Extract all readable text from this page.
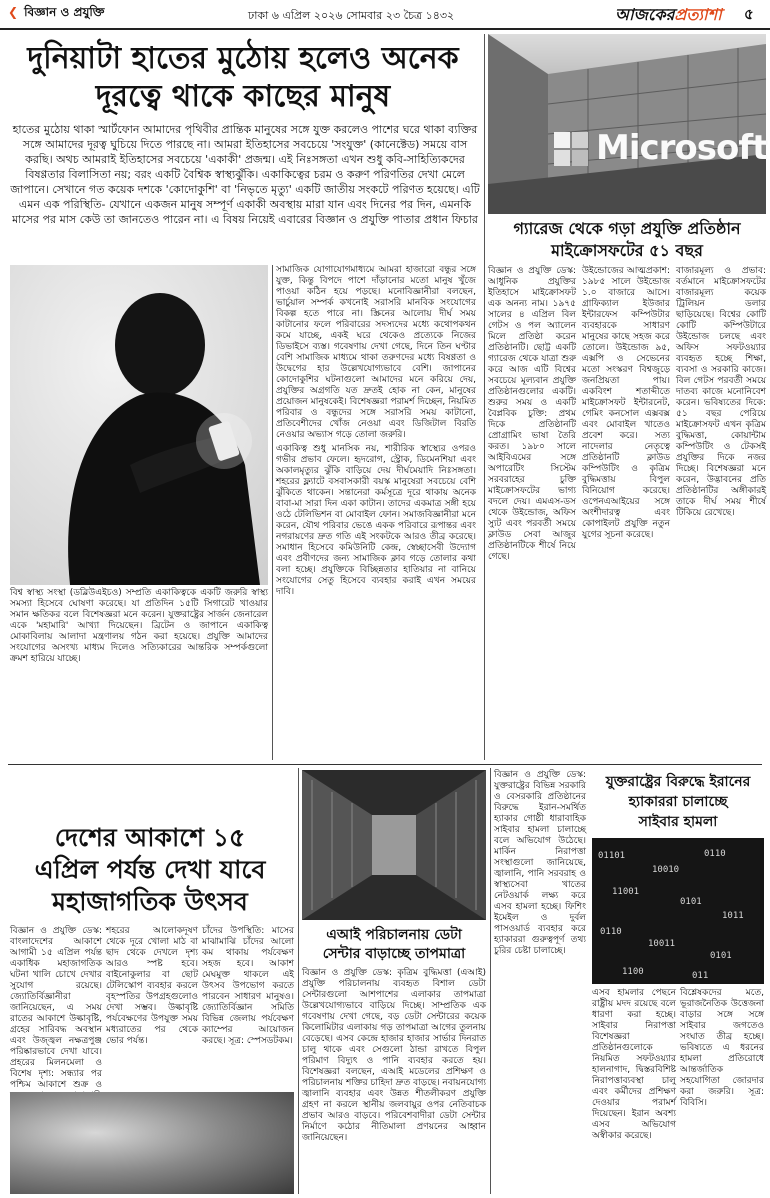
❮ বিজ্ঞান ও প্রযুক্তি	ঢাকা ৬ এপ্রিল ২০২৬ সোমবার ২৩ চৈত্র ১৪৩২	আজকেরপ্রত্যাশা ৫
দুনিয়াটা হাতের মুঠোয় হলেও অনেক
দূরত্বে থাকে কাছের মানুষ
হাতের মুঠোয় থাকা স্মার্টফোন আমাদের পৃথিবীর প্রান্তিক মানুষের সঙ্গে যুক্ত করলেও পাশের ঘরে থাকা ব্যক্তির সঙ্গে আমাদের দূরত্ব ঘুচিয়ে দিতে পারছে না। আমরা ইতিহাসের সবচেয়ে 'সংযুক্ত' (কানেক্টেড) সময়ে বাস করছি। অথচ আমরাই ইতিহাসের সবচেয়ে 'একাকী' প্রজন্ম। এই নিঃসঙ্গতা এখন শুধু কবি-সাহিত্যিকদের বিষণ্ণতার বিলাসিতা নয়; বরং একটি বৈশ্বিক স্বাস্থ্যঝুঁকি। একাকিত্বের চরম ও করুণ পরিণতির দেখা মেলে জাপানে। সেখানে গত কয়েক দশকে 'কোদোকুশি' বা 'নিভৃতে মৃত্যু' একটি জাতীয় সংকটে পরিণত হয়েছে। এটি এমন এক পরিস্থিতি- যেখানে একজন মানুষ সম্পূর্ণ একাকী অবস্থায় মারা যান এবং দিনের পর দিন, এমনকি মাসের পর মাস কেউ তা জানতেও পারেন না। এ বিষয় নিয়েই এবারের বিজ্ঞান ও প্রযুক্তি পাতার প্রধান ফিচার
Microsoft
গ্যারেজ থেকে গড়া প্রযুক্তি প্রতিষ্ঠান
মাইক্রোসফটের ৫১ বছর
বিশ্ব স্বাস্থ্য সংস্থা (ডব্লিউএইচও) সম্প্রতি একাকিত্বকে একটি জরুরি স্বাস্থ্য সমস্যা হিসেবে ঘোষণা করেছে। যা প্রতিদিন ১৫টি সিগারেট খাওয়ার সমান ক্ষতিকর বলে বিশেষজ্ঞরা মনে করেন। যুক্তরাষ্ট্রের সার্জন জেনারেল একে 'মহামারি' আখ্যা দিয়েছেন। ব্রিটেন ও জাপানে একাকিত্ব মোকাবিলায় আলাদা মন্ত্রণালয় গঠন করা হয়েছে। প্রযুক্তি আমাদের সংযোগের অসংখ্য মাধ্যম দিলেও সত্যিকারের আন্তরিক সম্পর্কগুলো ক্রমশ হারিয়ে যাচ্ছে।

সামাজিক যোগাযোগমাধ্যমে আমরা হাজারো বন্ধুর সঙ্গে যুক্ত, কিন্তু বিপদে পাশে দাঁড়ানোর মতো মানুষ খুঁজে পাওয়া কঠিন হয়ে পড়ছে। মনোবিজ্ঞানীরা বলছেন, ভার্চুয়াল সম্পর্ক কখনোই সরাসরি মানবিক সংযোগের বিকল্প হতে পারে না। স্ক্রিনের আলোয় দীর্ঘ সময় কাটানোর ফলে পরিবারের সদস্যদের মধ্যে কথোপকথন কমে যাচ্ছে, একই ঘরে থেকেও প্রত্যেকে নিজের ডিভাইসে ব্যস্ত। গবেষণায় দেখা গেছে, দিনে তিন ঘণ্টার বেশি সামাজিক মাধ্যমে থাকা তরুণদের মধ্যে বিষণ্ণতা ও উদ্বেগের হার উল্লেখযোগ্যভাবে বেশি। জাপানের কোদোকুশির ঘটনাগুলো আমাদের মনে করিয়ে দেয়, প্রযুক্তির অগ্রগতি যত দ্রুতই হোক না কেন, মানুষের প্রয়োজন মানুষকেই। বিশেষজ্ঞরা পরামর্শ দিচ্ছেন, নিয়মিত পরিবার ও বন্ধুদের সঙ্গে সরাসরি সময় কাটানো, প্রতিবেশীদের খোঁজ নেওয়া এবং ডিজিটাল বিরতি নেওয়ার অভ্যাস গড়ে তোলা জরুরি।

একাকিত্ব শুধু মানসিক নয়, শারীরিক স্বাস্থ্যের ওপরও গভীর প্রভাব ফেলে। হৃদরোগ, স্ট্রোক, ডিমেনশিয়া এবং অকালমৃত্যুর ঝুঁকি বাড়িয়ে দেয় দীর্ঘমেয়াদি নিঃসঙ্গতা। শহরের ফ্ল্যাটে বসবাসকারী বয়স্ক মানুষেরা সবচেয়ে বেশি ঝুঁকিতে থাকেন। সন্তানেরা কর্মসূত্রে দূরে থাকায় অনেক বাবা-মা সারা দিন একা কাটান। তাদের একমাত্র সঙ্গী হয়ে ওঠে টেলিভিশন বা মোবাইল ফোন। সমাজবিজ্ঞানীরা মনে করেন, যৌথ পরিবার ভেঙে একক পরিবারে রূপান্তর এবং নগরায়ণের দ্রুত গতি এই সংকটকে আরও তীব্র করেছে। সমাধান হিসেবে কমিউনিটি কেন্দ্র, স্বেচ্ছাসেবী উদ্যোগ এবং প্রবীণদের জন্য সামাজিক ক্লাব গড়ে তোলার কথা বলা হচ্ছে। প্রযুক্তিকে বিচ্ছিন্নতার হাতিয়ার না বানিয়ে সংযোগের সেতু হিসেবে ব্যবহার করাই এখন সময়ের দাবি।

বিজ্ঞান ও প্রযুক্তি ডেস্ক: আধুনিক প্রযুক্তির ইতিহাসে মাইক্রোসফট এক অনন্য নাম। ১৯৭৫ সালের ৪ এপ্রিল বিল গেটস ও পল অ্যালেন মিলে প্রতিষ্ঠা করেন প্রতিষ্ঠানটি। ছোট্ট একটি গ্যারেজ থেকে যাত্রা শুরু করে আজ এটি বিশ্বের সবচেয়ে মূল্যবান প্রযুক্তি প্রতিষ্ঠানগুলোর একটি। শুরুর সময় ও একটি বৈপ্লবিক চুক্তি: প্রথম দিকে প্রতিষ্ঠানটি প্রোগ্রামিং ভাষা তৈরি করত। ১৯৮০ সালে আইবিএমের সঙ্গে অপারেটিং সিস্টেম সরবরাহের চুক্তি মাইক্রোসফটের ভাগ্য বদলে দেয়। এমএস-ডস থেকে উইন্ডোজ, অফিস স্যুট এবং পরবর্তী সময়ে ক্লাউড সেবা আজুর প্রতিষ্ঠানটিকে শীর্ষে নিয়ে গেছে।
উইন্ডোজের আত্মপ্রকাশ: ১৯৮৫ সালে উইন্ডোজ ১.০ বাজারে আসে। গ্রাফিক্যাল ইউজার ইন্টারফেস কম্পিউটার ব্যবহারকে সাধারণ মানুষের কাছে সহজ করে তোলে। উইন্ডোজ ৯৫, এক্সপি ও সেভেনের মতো সংস্করণ বিশ্বজুড়ে জনপ্রিয়তা পায়। একবিংশ শতাব্দীতে মাইক্রোসফট ইন্টারনেট, গেমিং কনসোল এক্সবক্স এবং মোবাইল খাতেও প্রবেশ করে। সত্য নাদেলার নেতৃত্বে প্রতিষ্ঠানটি ক্লাউড কম্পিউটিং ও কৃত্রিম বুদ্ধিমত্তায় বিপুল বিনিয়োগ করেছে। ওপেনএআইয়ের সঙ্গে অংশীদারত্ব এবং কোপাইলট প্রযুক্তি নতুন যুগের সূচনা করেছে।
বাজারমূল্য ও প্রভাব: বর্তমানে মাইক্রোসফটের বাজারমূল্য কয়েক ট্রিলিয়ন ডলার ছাড়িয়েছে। বিশ্বের কোটি কোটি কম্পিউটারে উইন্ডোজ চলছে এবং অফিস সফটওয়্যার ব্যবহৃত হচ্ছে শিক্ষা, ব্যবসা ও সরকারি কাজে। বিল গেটস পরবর্তী সময়ে দাতব্য কাজে মনোনিবেশ করেন। ভবিষ্যতের দিকে: ৫১ বছর পেরিয়ে মাইক্রোসফট এখন কৃত্রিম বুদ্ধিমত্তা, কোয়ান্টাম কম্পিউটিং ও টেকসই প্রযুক্তির দিকে নজর দিচ্ছে। বিশেষজ্ঞরা মনে করেন, উদ্ভাবনের প্রতি প্রতিষ্ঠানটির অঙ্গীকারই তাকে দীর্ঘ সময় শীর্ষে টিকিয়ে রেখেছে।
দেশের আকাশে ১৫
এপ্রিল পর্যন্ত দেখা যাবে
মহাজাগতিক উৎসব
বিজ্ঞান ও প্রযুক্তি ডেস্ক: বাংলাদেশের আকাশে আগামী ১৫ এপ্রিল পর্যন্ত একাধিক মহাজাগতিক ঘটনা খালি চোখে দেখার সুযোগ রয়েছে। জ্যোতির্বিজ্ঞানীরা জানিয়েছেন, এ সময় রাতের আকাশে উল্কাবৃষ্টি, গ্রহের সারিবদ্ধ অবস্থান এবং উজ্জ্বল নক্ষত্রপুঞ্জ পরিষ্কারভাবে দেখা যাবে। প্রহরের মিলনমেলা ও বিশেষ দৃশ্য: সন্ধ্যার পর পশ্চিম আকাশে শুক্র ও
শহরের আলোকদূষণ থেকে দূরে খোলা মাঠ বা ছাদ থেকে দেখলে দৃশ্য আরও স্পষ্ট হবে। বাইনোকুলার বা ছোট টেলিস্কোপ ব্যবহার করলে বৃহস্পতির উপগ্রহগুলোও দেখা সম্ভব। উল্কাবৃষ্টি পর্যবেক্ষণের উপযুক্ত সময় মধ্যরাতের পর থেকে ভোর পর্যন্ত।
চাঁদের উপস্থিতি: মাসের মাঝামাঝি চাঁদের আলো কম থাকায় পর্যবেক্ষণ সহজ হবে। আকাশ মেঘমুক্ত থাকলে এই উৎসব উপভোগ করতে পারবেন সাধারণ মানুষও। জ্যোতির্বিজ্ঞান সমিতি বিভিন্ন জেলায় পর্যবেক্ষণ ক্যাম্পের আয়োজন করছে। সূত্র: স্পেসডটকম।
এআই পরিচালনায় ডেটা
সেন্টার বাড়াচ্ছে তাপমাত্রা
বিজ্ঞান ও প্রযুক্তি ডেস্ক: কৃত্রিম বুদ্ধিমত্তা (এআই) প্রযুক্তি পরিচালনায় ব্যবহৃত বিশাল ডেটা সেন্টারগুলো আশপাশের এলাকার তাপমাত্রা উল্লেখযোগ্যভাবে বাড়িয়ে দিচ্ছে। সাম্প্রতিক এক গবেষণায় দেখা গেছে, বড় ডেটা সেন্টারের কয়েক কিলোমিটার এলাকায় গড় তাপমাত্রা আগের তুলনায় বেড়েছে। এসব কেন্দ্রে হাজার হাজার সার্ভার দিনরাত চালু থাকে এবং সেগুলো ঠান্ডা রাখতে বিপুল পরিমাণ বিদ্যুৎ ও পানি ব্যবহার করতে হয়। বিশেষজ্ঞরা বলছেন, এআই মডেলের প্রশিক্ষণ ও পরিচালনায় শক্তির চাহিদা দ্রুত বাড়ছে। নবায়নযোগ্য জ্বালানি ব্যবহার এবং উন্নত শীতলীকরণ প্রযুক্তি গ্রহণ না করলে স্থানীয় জলবায়ুর ওপর নেতিবাচক প্রভাব আরও বাড়বে। পরিবেশবাদীরা ডেটা সেন্টার নির্মাণে কঠোর নীতিমালা প্রণয়নের আহ্বান জানিয়েছেন।
বিজ্ঞান ও প্রযুক্তি ডেস্ক: যুক্তরাষ্ট্রের বিভিন্ন সরকারি ও বেসরকারি প্রতিষ্ঠানের বিরুদ্ধে ইরান-সমর্থিত হ্যাকার গোষ্ঠী ধারাবাহিক সাইবার হামলা চালাচ্ছে বলে অভিযোগ উঠেছে। মার্কিন নিরাপত্তা সংস্থাগুলো জানিয়েছে, জ্বালানি, পানি সরবরাহ ও স্বাস্থ্যসেবা খাতের নেটওয়ার্ক লক্ষ্য করে এসব হামলা হচ্ছে। ফিশিং ইমেইল ও দুর্বল পাসওয়ার্ড ব্যবহার করে হ্যাকাররা গুরুত্বপূর্ণ তথ্য চুরির চেষ্টা চালাচ্ছে।
যুক্তরাষ্ট্রের বিরুদ্ধে ইরানের
হ্যাকাররা চালাচ্ছে
সাইবার হামলা
01101
10010
0110
11001
0101
1011
0110
10011
0101
1100	011
এসব হামলার পেছনে রাষ্ট্রীয় মদদ রয়েছে বলে ধারণা করা হচ্ছে। সাইবার নিরাপত্তা বিশেষজ্ঞরা প্রতিষ্ঠানগুলোকে নিয়মিত সফটওয়্যার হালনাগাদ, দ্বিস্তরবিশিষ্ট নিরাপত্তাব্যবস্থা চালু এবং কর্মীদের প্রশিক্ষণ দেওয়ার পরামর্শ দিয়েছেন। ইরান অবশ্য এসব অভিযোগ অস্বীকার করেছে।
বিশ্লেষকদের মতে, ভূরাজনৈতিক উত্তেজনা বাড়ার সঙ্গে সঙ্গে সাইবার জগতেও সংঘাত তীব্র হচ্ছে। ভবিষ্যতে এ ধরনের হামলা প্রতিরোধে আন্তর্জাতিক সহযোগিতা জোরদার করা জরুরি। সূত্র: বিবিসি।
